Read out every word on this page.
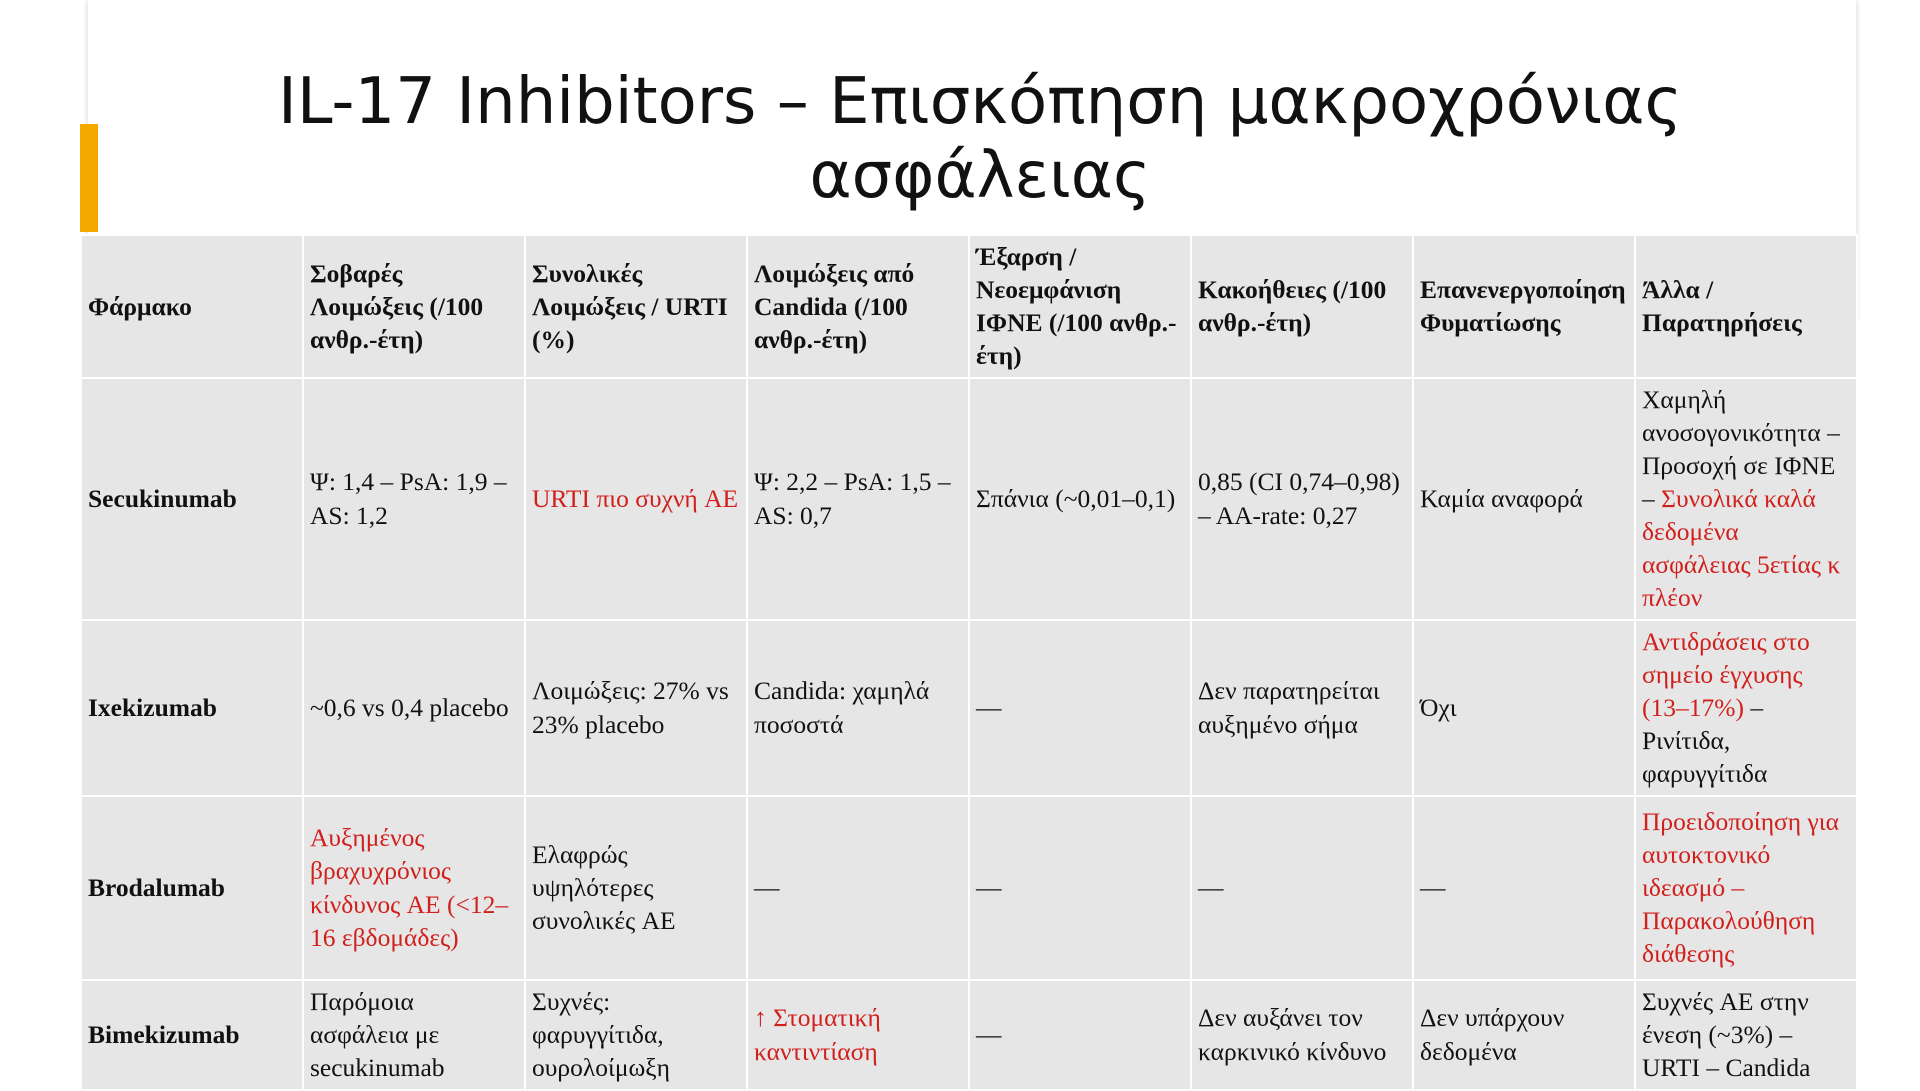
IL-17 Inhibitors – Επισκόπηση μακροχρόνιας
ασφάλειας
Φάρμακο	Σοβαρές Λοιμώξεις (/100 ανθρ.-έτη)	Συνολικές Λοιμώξεις / URTI (%)	Λοιμώξεις από Candida (/100 ανθρ.-έτη)	Έξαρση / Νεοεμφάνιση ΙΦΝΕ (/100 ανθρ.-έτη)	Κακοήθειες (/100 ανθρ.-έτη)	Επανενεργοποίηση Φυματίωσης	Άλλα / Παρατηρήσεις
Secukinumab	Ψ: 1,4 – PsA: 1,9 – AS: 1,2	URTI πιο συχνή AE	Ψ: 2,2 – PsA: 1,5 – AS: 0,7	Σπάνια (~0,01–0,1)	0,85 (CI 0,74–0,98) – AA-rate: 0,27	Καμία αναφορά	Χαμηλή ανοσογονικότητα – Προσοχή σε ΙΦΝΕ – Συνολικά καλά δεδομένα ασφάλειας 5ετίας κ πλέον
Ixekizumab	~0,6 vs 0,4 placebo	Λοιμώξεις: 27% vs 23% placebo	Candida: χαμηλά ποσοστά	—	Δεν παρατηρείται αυξημένο σήμα	Όχι	Αντιδράσεις στο σημείο έγχυσης (13–17%) – Ρινίτιδα, φαρυγγίτιδα
Brodalumab	Αυξημένος βραχυχρόνιος κίνδυνος AE (<12–16 εβδομάδες)	Ελαφρώς υψηλότερες συνολικές AE	—	—	—	—	Προειδοποίηση για αυτοκτονικό ιδεασμό – Παρακολούθηση διάθεσης
Bimekizumab	Παρόμοια ασφάλεια με secukinumab	Συχνές: φαρυγγίτιδα, ουρολοίμωξη	↑ Στοματική καντιντίαση	—	Δεν αυξάνει τον καρκινικό κίνδυνο	Δεν υπάρχουν δεδομένα	Συχνές AE στην ένεση (~3%) – URTI – Candida
